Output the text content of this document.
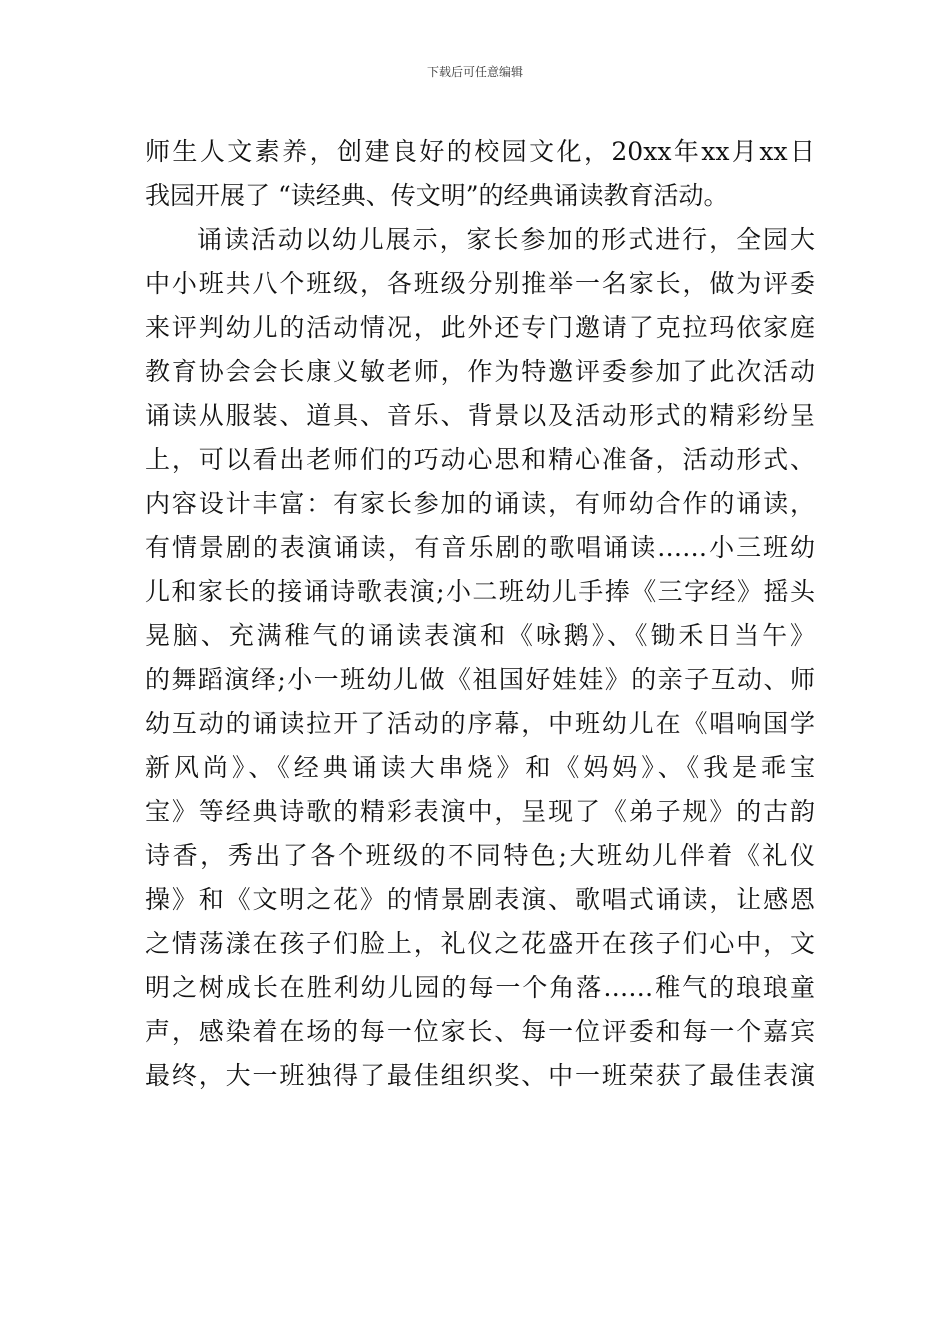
下载后可任意编辑
师生人文素养，创建良好的校园文化，20xx年xx月xx日
我园开展了 “读经典、传文明”的经典诵读教育活动。
诵读活动以幼儿展示，家长参加的形式进行，全园大
中小班共八个班级，各班级分别推举一名家长，做为评委
来评判幼儿的活动情况，此外还专门邀请了克拉玛依家庭
教育协会会长康义敏老师，作为特邀评委参加了此次活动
诵读从服装、道具、音乐、背景以及活动形式的精彩纷呈
上，可以看出老师们的巧动心思和精心准备，活动形式、
内容设计丰富：有家长参加的诵读，有师幼合作的诵读，
有情景剧的表演诵读，有音乐剧的歌唱诵读……小三班幼
儿和家长的接诵诗歌表演;小二班幼儿手捧《三字经》摇头
晃脑、充满稚气的诵读表演和《咏鹅》、《锄禾日当午》
的舞蹈演绎;小一班幼儿做《祖国好娃娃》的亲子互动、师
幼互动的诵读拉开了活动的序幕，中班幼儿在《唱响国学
新风尚》、《经典诵读大串烧》和《妈妈》、《我是乖宝
宝》等经典诗歌的精彩表演中，呈现了《弟子规》的古韵
诗香，秀出了各个班级的不同特色;大班幼儿伴着《礼仪
操》和《文明之花》的情景剧表演、歌唱式诵读，让感恩
之情荡漾在孩子们脸上，礼仪之花盛开在孩子们心中，文
明之树成长在胜利幼儿园的每一个角落……稚气的琅琅童
声，感染着在场的每一位家长、每一位评委和每一个嘉宾
最终，大一班独得了最佳组织奖、中一班荣获了最佳表演
